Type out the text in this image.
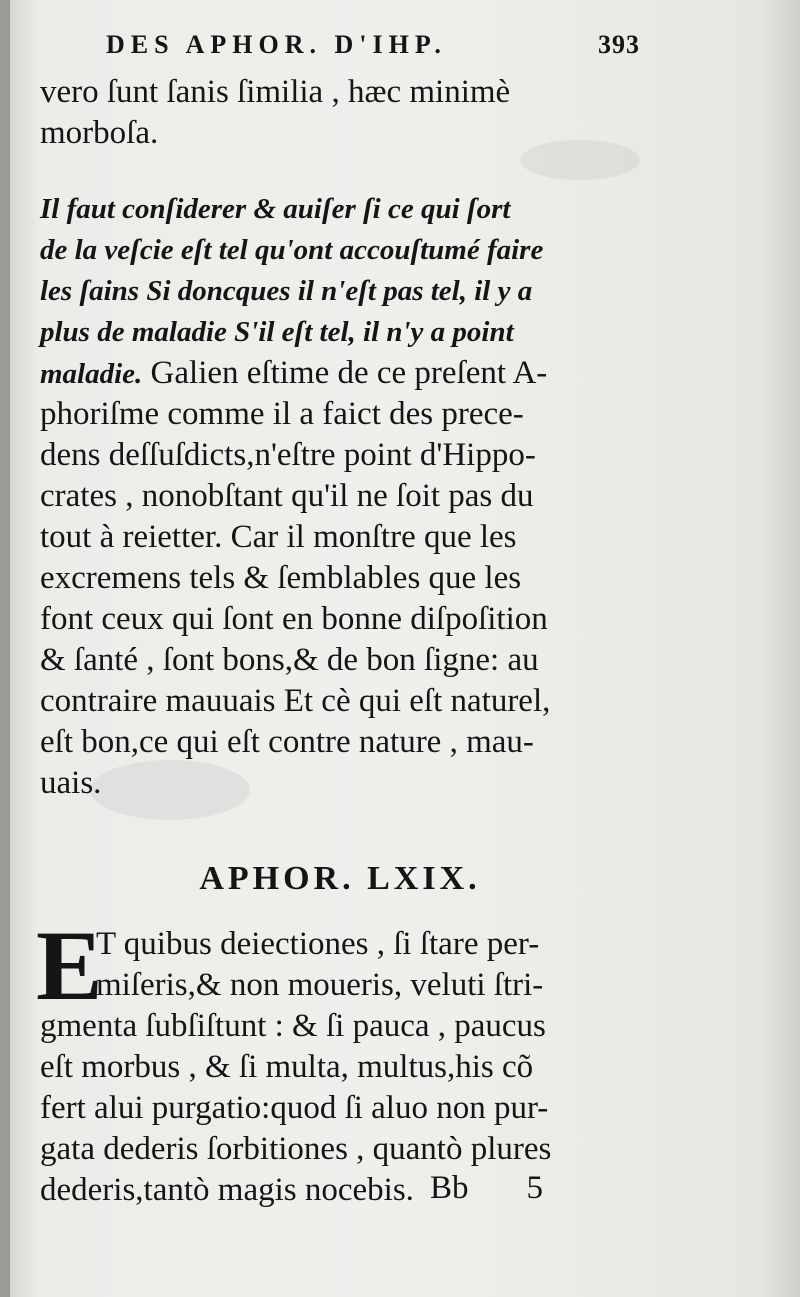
DES APHOR. D'IHP.	393
vero ſunt ſanis ſimilia , hæc minimè
morboſa.
Il faut conſiderer & auiſer ſi ce qui ſort
de la veſcie eſt tel qu'ont accouſtumé faire
les ſains Si doncques il n'eſt pas tel, il y a
plus de maladie S'il eſt tel, il n'y a point
maladie. Galien eſtime de ce preſent A-
phoriſme comme il a faict des prece-
dens deſſuſdicts,n'eſtre point d'Hippo-
crates , nonobſtant qu'il ne ſoit pas du
tout à reietter. Car il monſtre que les
excremens tels & ſemblables que les
font ceux qui ſont en bonne diſpoſition
& ſanté , ſont bons,& de bon ſigne: au
contraire mauuais Et cè qui eſt naturel,
eſt bon,ce qui eſt contre nature , mau-
uais.
APHOR. LXIX.
E
T quibus deiectiones , ſi ſtare per-
miſeris,& non moueris, veluti ſtri-
gmenta ſubſiſtunt : & ſi pauca , paucus
eſt morbus , & ſi multa, multus,his cõ
fert alui purgatio:quod ſi aluo non pur-
gata dederis ſorbitiones , quantò plures
dederis,tantò magis nocebis. Bb 5
